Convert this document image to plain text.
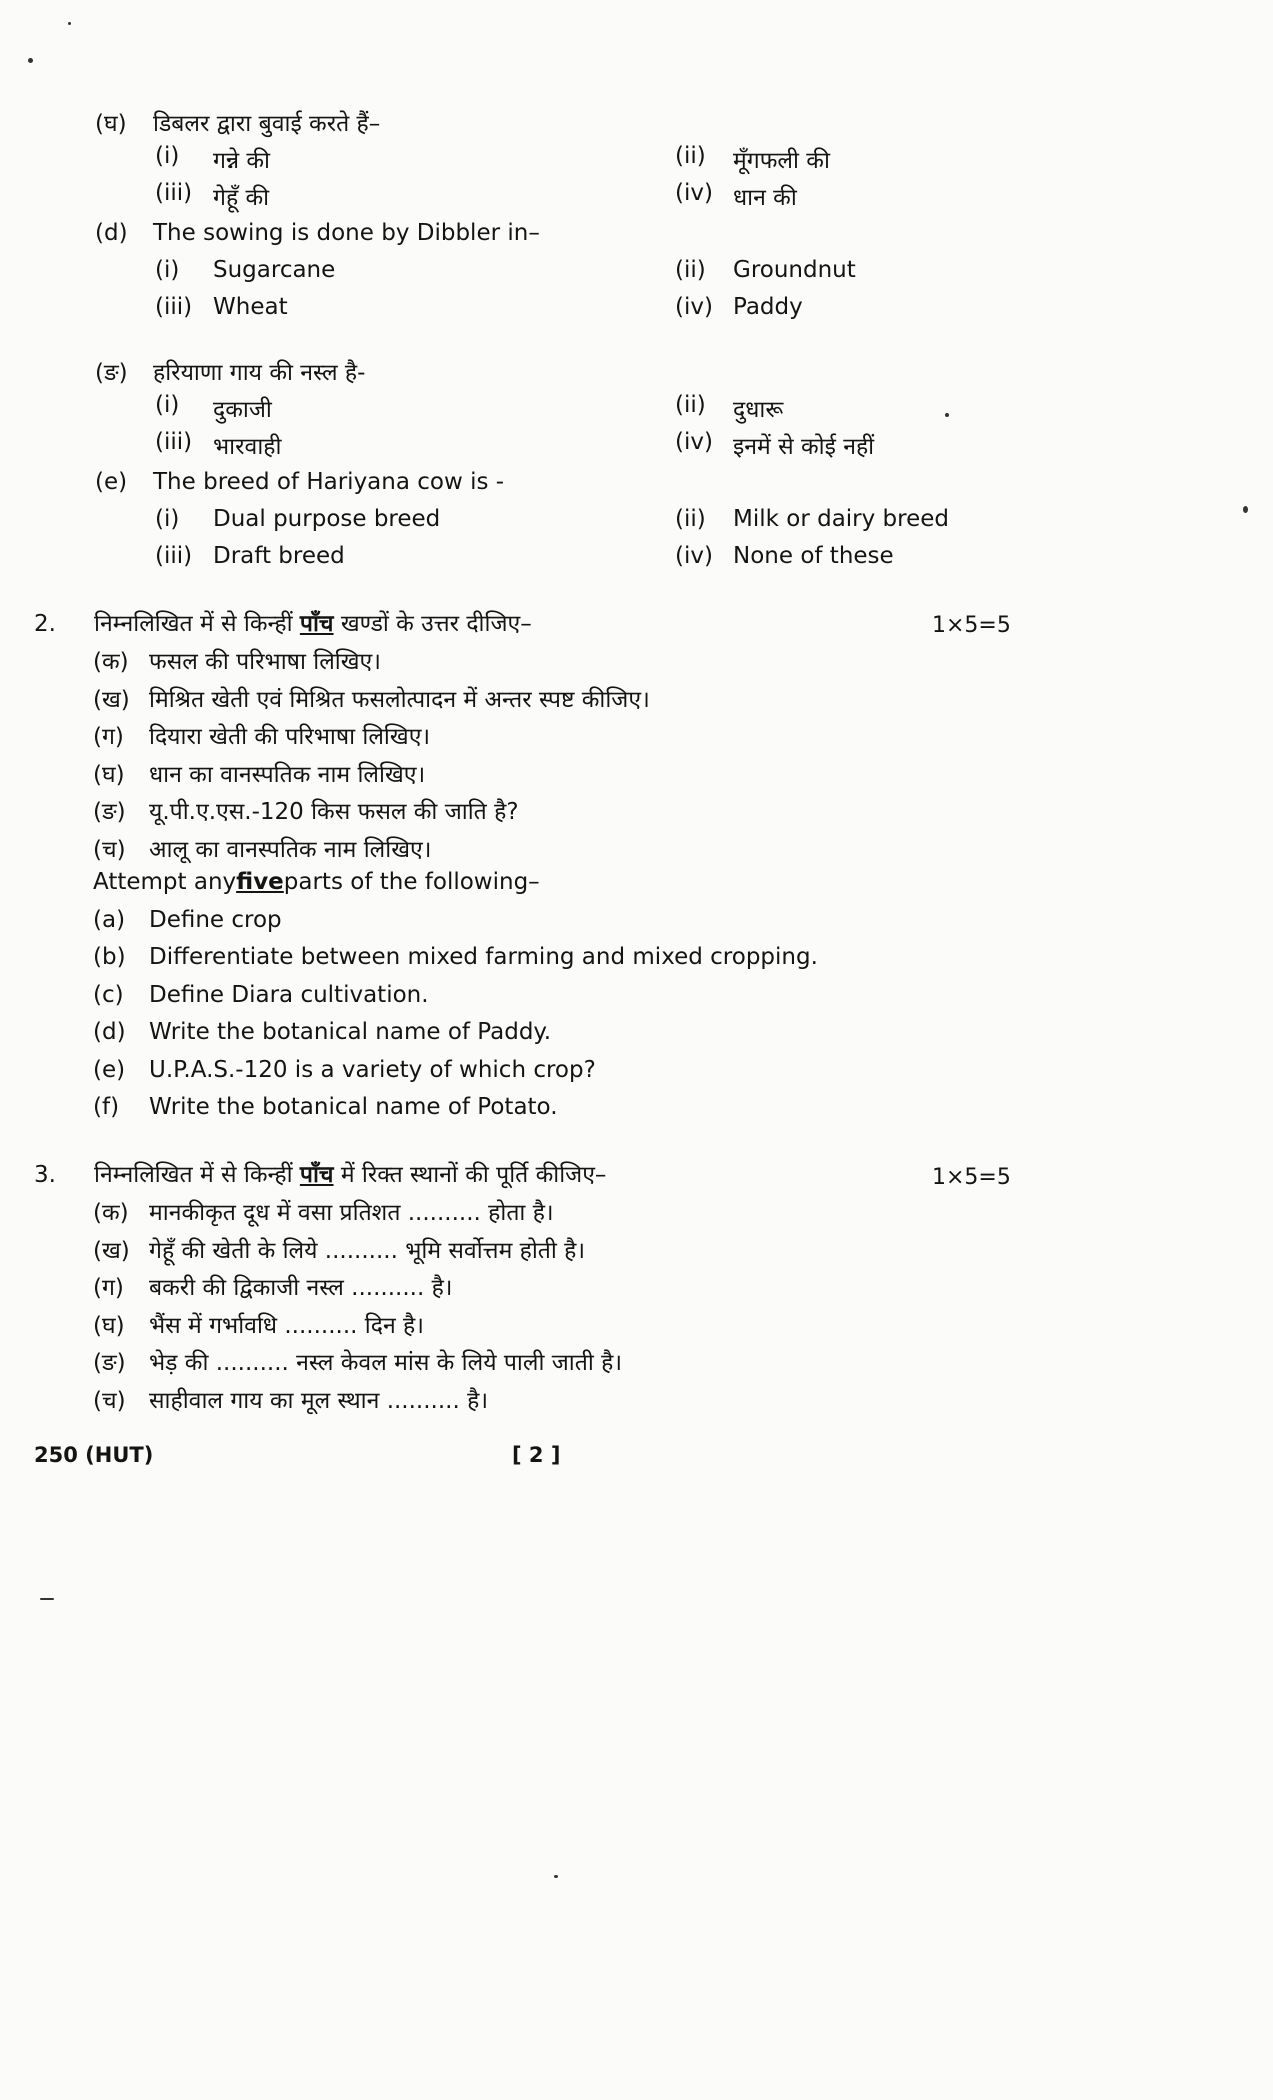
(घ)	डिबलर द्वारा बुवाई करते हैं–
(i)	गन्ने की	(ii)	मूँगफली की
(iii) गेहूँ की	(iv) धान की
(d)	The sowing is done by Dibbler in–
(i)	Sugarcane	(ii)	Groundnut
(iii) Wheat	(iv) Paddy
(ङ)	हरियाणा गाय की नस्ल है-
(i)	दुकाजी	(ii)	दुधारू
(iii) भारवाही	(iv) इनमें से कोई नहीं
(e)	The breed of Hariyana cow is -
(i)	Dual purpose breed	(ii)	Milk or dairy breed
(iii) Draft breed	(iv) None of these
2.	निम्नलिखित में से किन्हीं पाँच खण्डों के उत्तर दीजिए–	1×5=5
(क) फसल की परिभाषा लिखिए।
(ख) मिश्रित खेती एवं मिश्रित फसलोत्पादन में अन्तर स्पष्ट कीजिए।
(ग)	दियारा खेती की परिभाषा लिखिए।
(घ)	धान का वानस्पतिक नाम लिखिए।
(ङ)	यू.पी.ए.एस.-120 किस फसल की जाति है?
(च)	आलू का वानस्पतिक नाम लिखिए।
Attempt any five parts of the following–
(a)	Define crop
(b)	Differentiate between mixed farming and mixed cropping.
(c)	Define Diara cultivation.
(d)	Write the botanical name of Paddy.
(e)	U.P.A.S.-120 is a variety of which crop?
(f)	Write the botanical name of Potato.
3.	निम्नलिखित में से किन्हीं पाँच में रिक्त स्थानों की पूर्ति कीजिए–	1×5=5
(क) मानकीकृत दूध में वसा प्रतिशत .......... होता है।
(ख) गेहूँ की खेती के लिये .......... भूमि सर्वोत्तम होती है।
(ग)	बकरी की द्विकाजी नस्ल .......... है।
(घ)	भैंस में गर्भावधि .......... दिन है।
(ङ)	भेड़ की .......... नस्ल केवल मांस के लिये पाली जाती है।
(च)	साहीवाल गाय का मूल स्थान .......... है।
250 (HUT)	[ 2 ]
